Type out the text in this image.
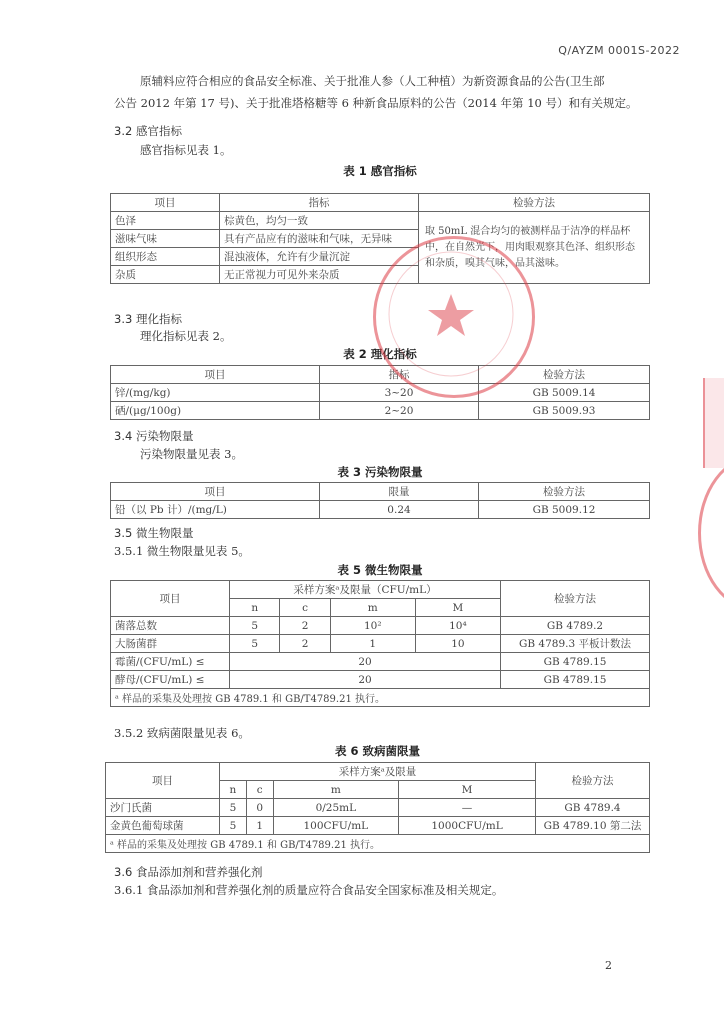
Q/AYZM 0001S-2022
原辅料应符合相应的食品安全标准、关于批准人参（人工种植）为新资源食品的公告(卫生部
公告 2012 年第 17 号)、关于批准塔格糖等 6 种新食品原料的公告（2014 年第 10 号）和有关规定。
3.2 感官指标
感官指标见表 1。
表 1 感官指标
项目	指标	检验方法
色泽	棕黄色，均匀一致	取 50mL 混合均匀的被测样品于洁净的样品杯中，在自然光下，用肉眼观察其色泽、组织形态和杂质，嗅其气味，品其滋味。
滋味气味	具有产品应有的滋味和气味，无异味	
组织形态	混浊液体，允许有少量沉淀	
杂质	无正常视力可见外来杂质	
3.3 理化指标
理化指标见表 2。
表 2 理化指标
项目	指标	检验方法
锌/(mg/kg)	3~20	GB 5009.14
硒/(μg/100g)	2~20	GB 5009.93
3.4 污染物限量
污染物限量见表 3。
表 3 污染物限量
项目	限量	检验方法
铅（以 Pb 计）/(mg/L)	0.24	GB 5009.12
3.5 微生物限量
3.5.1 微生物限量见表 5。
表 5 微生物限量
项目	采样方案ᵃ及限量（CFU/mL）				检验方法
	n	c	m	M	
菌落总数	5	2	10²	10⁴	GB 4789.2
大肠菌群	5	2	1	10	GB 4789.3 平板计数法
霉菌/(CFU/mL) ≤	20				GB 4789.15
酵母/(CFU/mL) ≤	20				GB 4789.15
ᵃ 样品的采集及处理按 GB 4789.1 和 GB/T4789.21 执行。					
3.5.2 致病菌限量见表 6。
表 6 致病菌限量
项目	采样方案ᵃ及限量				检验方法
	n	c	m	M	
沙门氏菌	5	0	0/25mL	—	GB 4789.4
金黄色葡萄球菌	5	1	100CFU/mL	1000CFU/mL	GB 4789.10 第二法
ᵃ 样品的采集及处理按 GB 4789.1 和 GB/T4789.21 执行。					
3.6 食品添加剂和营养强化剂
3.6.1 食品添加剂和营养强化剂的质量应符合食品安全国家标准及相关规定。
2
